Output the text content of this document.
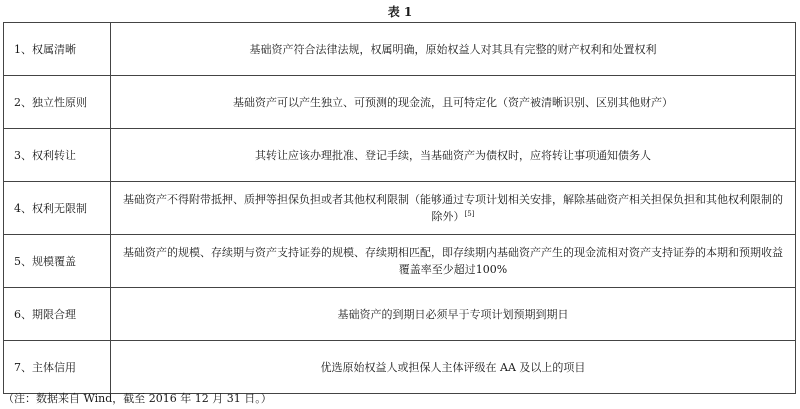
表 1
1、权属清晰	基础资产符合法律法规，权属明确，原始权益人对其具有完整的财产权利和处置权利
2、独立性原则	基础资产可以产生独立、可预测的现金流，且可特定化（资产被清晰识别、区别其他财产）
3、权利转让	其转让应该办理批准、登记手续，当基础资产为债权时，应将转让事项通知债务人
4、权利无限制	基础资产不得附带抵押、质押等担保负担或者其他权利限制（能够通过专项计划相关安排，解除基础资产相关担保负担和其他权利限制的除外）[5]
5、规模覆盖	基础资产的规模、存续期与资产支持证券的规模、存续期相匹配，即存续期内基础资产产生的现金流相对资产支持证券的本期和预期收益覆盖率至少超过100%
6、期限合理	基础资产的到期日必须早于专项计划预期到期日
7、主体信用	优选原始权益人或担保人主体评级在 AA 及以上的项目
（注：数据来自 Wind，截至 2016 年 12 月 31 日。）
